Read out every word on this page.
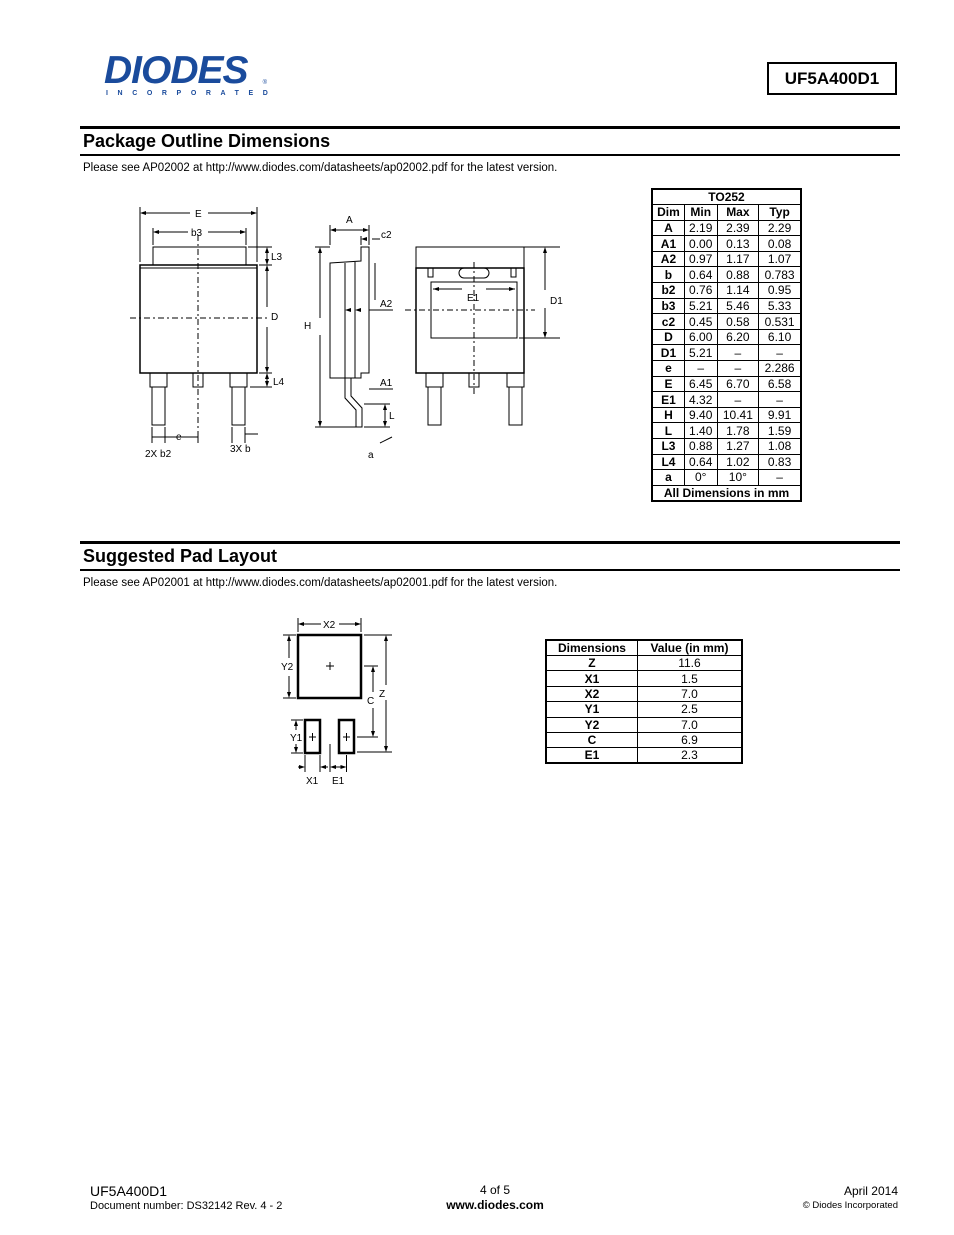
DIODES
INCORPORATED
®	UF5A400D1
Package Outline Dimensions
Please see AP02002 at http://www.diodes.com/datasheets/ap02002.pdf for the latest version.
E
b3
L3
D
L4
e
2X b2	3X b
A
c2
A2
H
A1
L
a
E1	D1
TO252			
Dim	Min	Max	Typ
A	2.19	2.39	2.29
A1	0.00	0.13	0.08
A2	0.97	1.17	1.07
b	0.64	0.88	0.783
b2	0.76	1.14	0.95
b3	5.21	5.46	5.33
c2	0.45	0.58	0.531
D	6.00	6.20	6.10
D1	5.21	–	–
e	–	–	2.286
E	6.45	6.70	6.58
E1	4.32	–	–
H	9.40	10.41	9.91
L	1.40	1.78	1.59
L3	0.88	1.27	1.08
L4	0.64	1.02	0.83
a	0°	10°	–
All Dimensions in mm			
Suggested Pad Layout
Please see AP02001 at http://www.diodes.com/datasheets/ap02001.pdf for the latest version.
X2
Y2
Z
C
Y1
X1 E1
Dimensions	Value (in mm)
Z	11.6
X1	1.5
X2	7.0
Y1	2.5
Y2	7.0
C	6.9
E1	2.3
UF5A400D1
Document number: DS32142 Rev. 4 - 2
4 of 5
www.diodes.com
April 2014
© Diodes Incorporated
